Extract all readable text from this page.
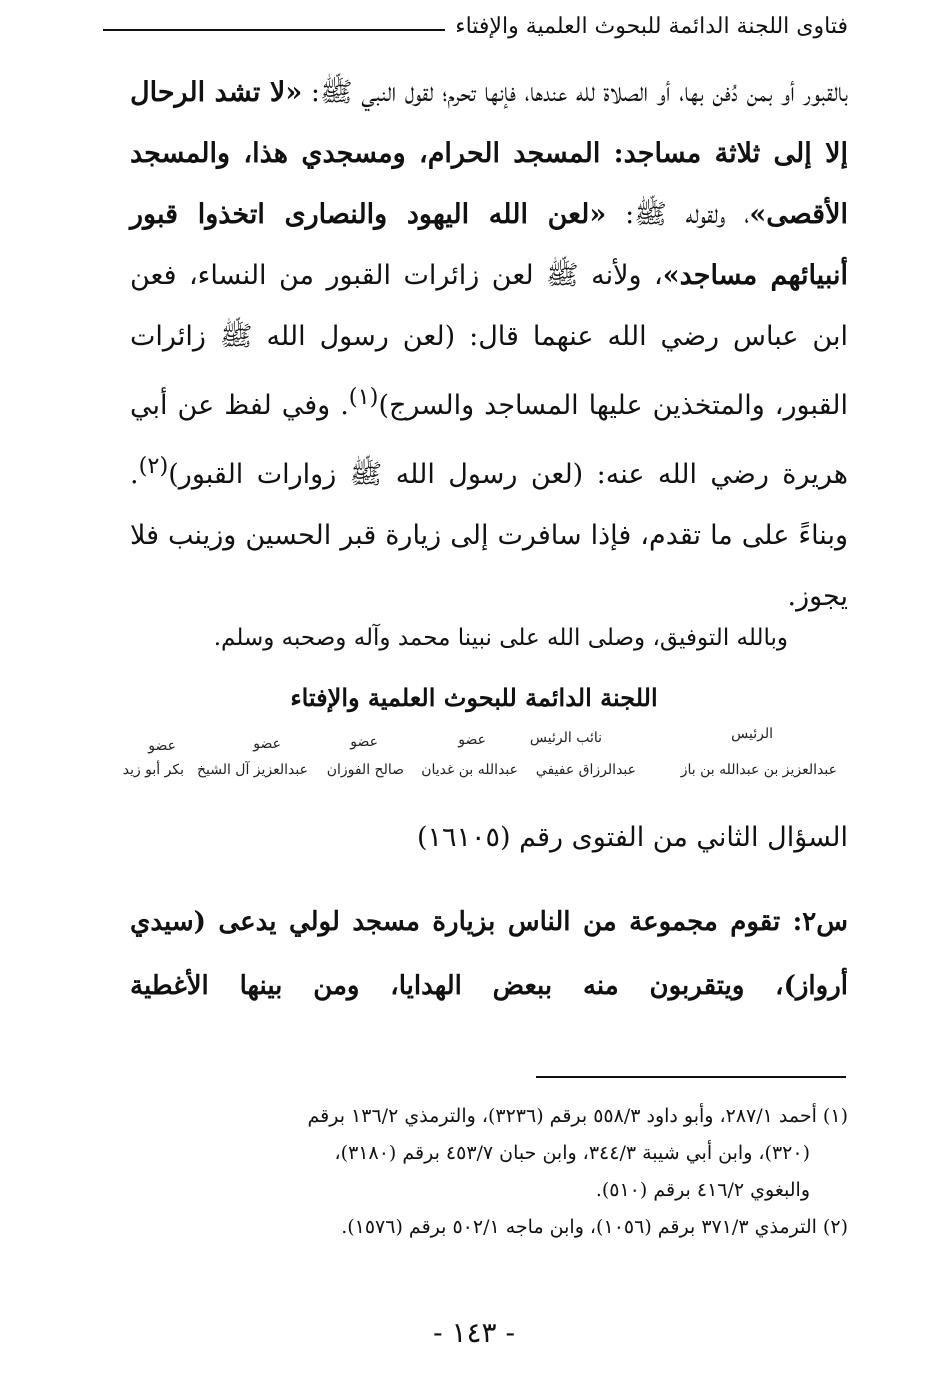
فتاوى اللجنة الدائمة للبحوث العلمية والإفتاء
بالقبور أو بمن دُفن بها، أو الصلاة لله عندها، فإنها تحرم؛ لقول النبي ﷺ: «لا تشد الرحال إلا إلى ثلاثة مساجد: المسجد الحرام، ومسجدي هذا، والمسجد الأقصى»، ولقوله ﷺ: «لعن الله اليهود والنصارى اتخذوا قبور أنبيائهم مساجد»، ولأنه ﷺ لعن زائرات القبور من النساء، فعن ابن عباس رضي الله عنهما قال: (لعن رسول الله ﷺ زائرات القبور، والمتخذين عليها المساجد والسرج)$^{(١)}$. وفي لفظ عن أبي هريرة رضي الله عنه: (لعن رسول الله ﷺ زوارات القبور)$^{(٢)}$. وبناءً على ما تقدم، فإذا سافرت إلى زيارة قبر الحسين وزينب فلا يجوز.
وبالله التوفيق، وصلى الله على نبينا محمد وآله وصحبه وسلم.
اللجنة الدائمة للبحوث العلمية والإفتاء
الرئيس
نائب الرئيس
عضو
عضو
عضو
عضو
عبدالعزيز بن عبدالله بن باز
عبدالرزاق عفيفي
عبدالله بن غديان
صالح الفوزان
عبدالعزيز آل الشيخ
بكر أبو زيد
السؤال الثاني من الفتوى رقم (١٦١٠٥)
س٢: تقوم مجموعة من الناس بزيارة مسجد لولي يدعى (سيدي أرواز)، ويتقربون منه ببعض الهدايا، ومن بينها الأغطية
(١) أحمد ٢٨٧/١، وأبو داود ٥٥٨/٣ برقم (٣٢٣٦)، والترمذي ١٣٦/٢ برقم
(٣٢٠)، وابن أبي شيبة ٣٤٤/٣، وابن حبان ٤٥٣/٧ برقم (٣١٨٠)،
والبغوي ٤١٦/٢ برقم (٥١٠).
(٢) الترمذي ٣٧١/٣ برقم (١٠٥٦)، وابن ماجه ٥٠٢/١ برقم (١٥٧٦).
- ١٤٣ -
